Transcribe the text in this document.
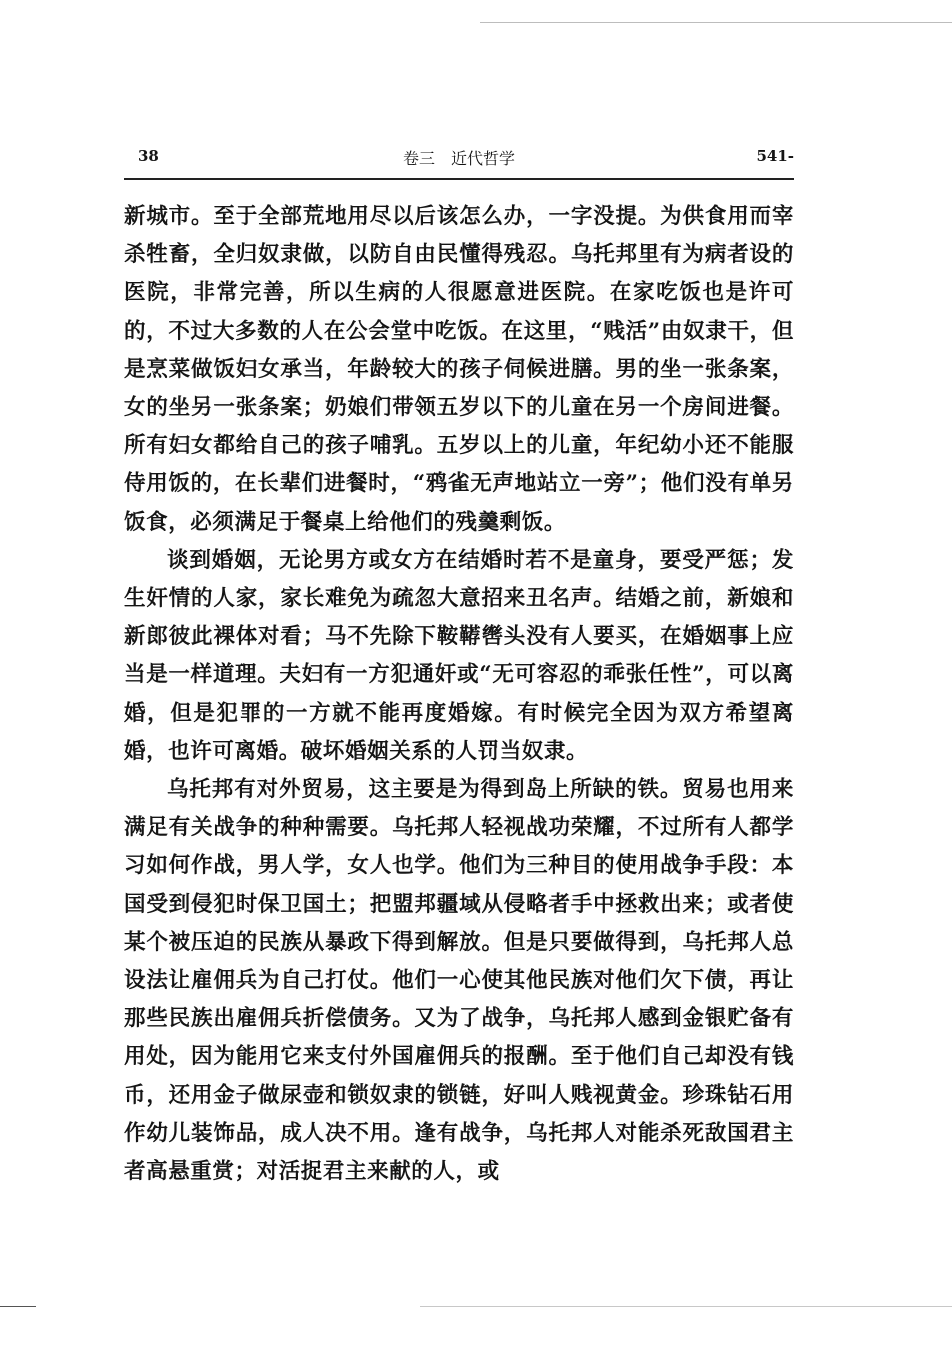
38	卷三　近代哲学	541-

新城市。至于全部荒地用尽以后该怎么办，一字没提。为供食用而宰杀牲畜，全归奴隶做，以防自由民懂得残忍。乌托邦里有为病者设的医院，非常完善，所以生病的人很愿意进医院。在家吃饭也是许可的，不过大多数的人在公会堂中吃饭。在这里，“贱活”由奴隶干，但是烹菜做饭妇女承当，年龄较大的孩子伺候进膳。男的坐一张条案，女的坐另一张条案；奶娘们带领五岁以下的儿童在另一个房间进餐。所有妇女都给自己的孩子哺乳。五岁以上的儿童，年纪幼小还不能服侍用饭的，在长辈们进餐时，“鸦雀无声地站立一旁”；他们没有单另饭食，必须满足于餐桌上给他们的残羹剩饭。

谈到婚姻，无论男方或女方在结婚时若不是童身，要受严惩；发生奸情的人家，家长难免为疏忽大意招来丑名声。结婚之前，新娘和新郎彼此裸体对看；马不先除下鞍鞯辔头没有人要买，在婚姻事上应当是一样道理。夫妇有一方犯通奸或“无可容忍的乖张任性”，可以离婚，但是犯罪的一方就不能再度婚嫁。有时候完全因为双方希望离婚，也许可离婚。破坏婚姻关系的人罚当奴隶。

乌托邦有对外贸易，这主要是为得到岛上所缺的铁。贸易也用来满足有关战争的种种需要。乌托邦人轻视战功荣耀，不过所有人都学习如何作战，男人学，女人也学。他们为三种目的使用战争手段：本国受到侵犯时保卫国土；把盟邦疆域从侵略者手中拯救出来；或者使某个被压迫的民族从暴政下得到解放。但是只要做得到，乌托邦人总设法让雇佣兵为自己打仗。他们一心使其他民族对他们欠下债，再让那些民族出雇佣兵折偿债务。又为了战争，乌托邦人感到金银贮备有用处，因为能用它来支付外国雇佣兵的报酬。至于他们自己却没有钱币，还用金子做尿壶和锁奴隶的锁链，好叫人贱视黄金。珍珠钻石用作幼儿装饰品，成人决不用。逢有战争，乌托邦人对能杀死敌国君主者高悬重赏；对活捉君主来献的人，或
